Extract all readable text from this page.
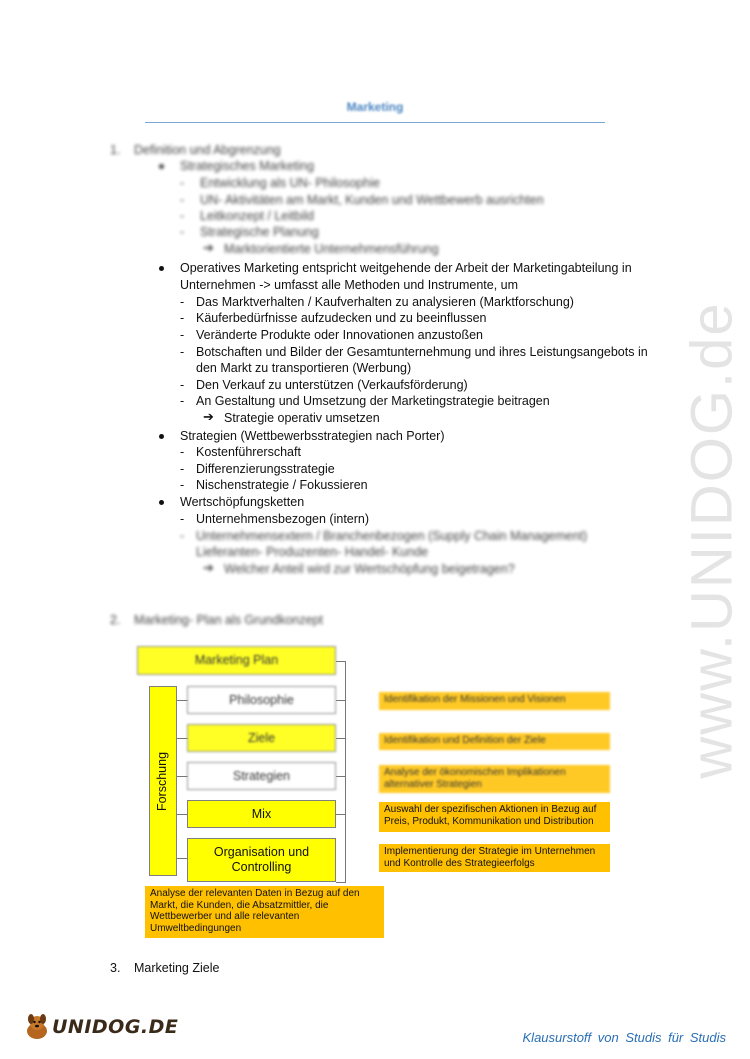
www.UNIDOG.de
Marketing
1. Definition und Abgrenzung
Strategisches Marketing
- Entwicklung als UN- Philosophie
- UN- Aktivitäten am Markt, Kunden und Wettbewerb ausrichten
- Leitkonzept / Leitbild
- Strategische Planung
➔ Marktorientierte Unternehmensführung
Operatives Marketing entspricht weitgehende der Arbeit der Marketingabteilung in
Unternehmen -> umfasst alle Methoden und Instrumente, um
- Das Marktverhalten / Kaufverhalten zu analysieren (Marktforschung)
- Käuferbedürfnisse aufzudecken und zu beeinflussen
- Veränderte Produkte oder Innovationen anzustoßen
- Botschaften und Bilder der Gesamtunternehmung und ihres Leistungsangebots in
den Markt zu transportieren (Werbung)
- Den Verkauf zu unterstützen (Verkaufsförderung)
- An Gestaltung und Umsetzung der Marketingstrategie beitragen
➔ Strategie operativ umsetzen
Strategien (Wettbewerbsstrategien nach Porter)
- Kostenführerschaft
- Differenzierungsstrategie
- Nischenstrategie / Fokussieren
Wertschöpfungsketten
- Unternehmensbezogen (intern)
- Unternehmensextern / Branchenbezogen (Supply Chain Management)
Lieferanten- Produzenten- Handel- Kunde
➔ Welcher Anteil wird zur Wertschöpfung beigetragen?
2. Marketing- Plan als Grundkonzept
Marketing Plan
Forschung
Philosophie
Ziele
Strategien
Mix
Organisation und
Controlling
Identifikation der Missionen und Visionen
Identifikation und Definition der Ziele
Analyse der ökonomischen Implikationen alternativer Strategien
Auswahl der spezifischen Aktionen in Bezug auf
Preis, Produkt, Kommunikation und Distribution
Implementierung der Strategie im Unternehmen
und Kontrolle des Strategieerfolgs
Analyse der relevanten Daten in Bezug auf den
Markt, die Kunden, die Absatzmittler, die
Wettbewerber und alle relevanten
Umweltbedingungen
3. Marketing Ziele
UNIDOG.DE	Klausurstoff von Studis für Studis
